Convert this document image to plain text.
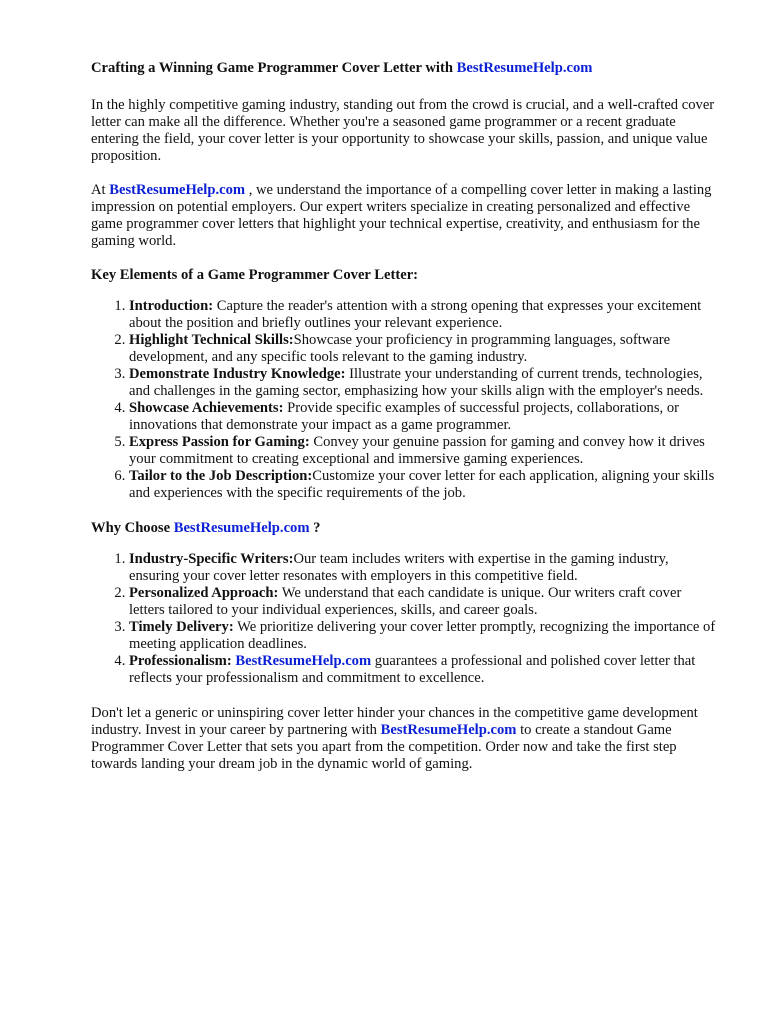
Crafting a Winning Game Programmer Cover Letter with BestResumeHelp.com

In the highly competitive gaming industry, standing out from the crowd is crucial, and a well-crafted cover letter can make all the difference. Whether you're a seasoned game programmer or a recent graduate entering the field, your cover letter is your opportunity to showcase your skills, passion, and unique value proposition.

At BestResumeHelp.com , we understand the importance of a compelling cover letter in making a lasting impression on potential employers. Our expert writers specialize in creating personalized and effective game programmer cover letters that highlight your technical expertise, creativity, and enthusiasm for the gaming world.

Key Elements of a Game Programmer Cover Letter:
1. Introduction: Capture the reader's attention with a strong opening that expresses your excitement about the position and briefly outlines your relevant experience.
2. Highlight Technical Skills:Showcase your proficiency in programming languages, software development, and any specific tools relevant to the gaming industry.
3. Demonstrate Industry Knowledge: Illustrate your understanding of current trends, technologies, and challenges in the gaming sector, emphasizing how your skills align with the employer's needs.
4. Showcase Achievements: Provide specific examples of successful projects, collaborations, or innovations that demonstrate your impact as a game programmer.
5. Express Passion for Gaming: Convey your genuine passion for gaming and convey how it drives your commitment to creating exceptional and immersive gaming experiences.
6. Tailor to the Job Description:Customize your cover letter for each application, aligning your skills and experiences with the specific requirements of the job.
Why Choose BestResumeHelp.com ?
1. Industry-Specific Writers:Our team includes writers with expertise in the gaming industry, ensuring your cover letter resonates with employers in this competitive field.
2. Personalized Approach: We understand that each candidate is unique. Our writers craft cover letters tailored to your individual experiences, skills, and career goals.
3. Timely Delivery: We prioritize delivering your cover letter promptly, recognizing the importance of meeting application deadlines.
4. Professionalism: BestResumeHelp.com guarantees a professional and polished cover letter that reflects your professionalism and commitment to excellence.

Don't let a generic or uninspiring cover letter hinder your chances in the competitive game development industry. Invest in your career by partnering with BestResumeHelp.com to create a standout Game Programmer Cover Letter that sets you apart from the competition. Order now and take the first step towards landing your dream job in the dynamic world of gaming.
